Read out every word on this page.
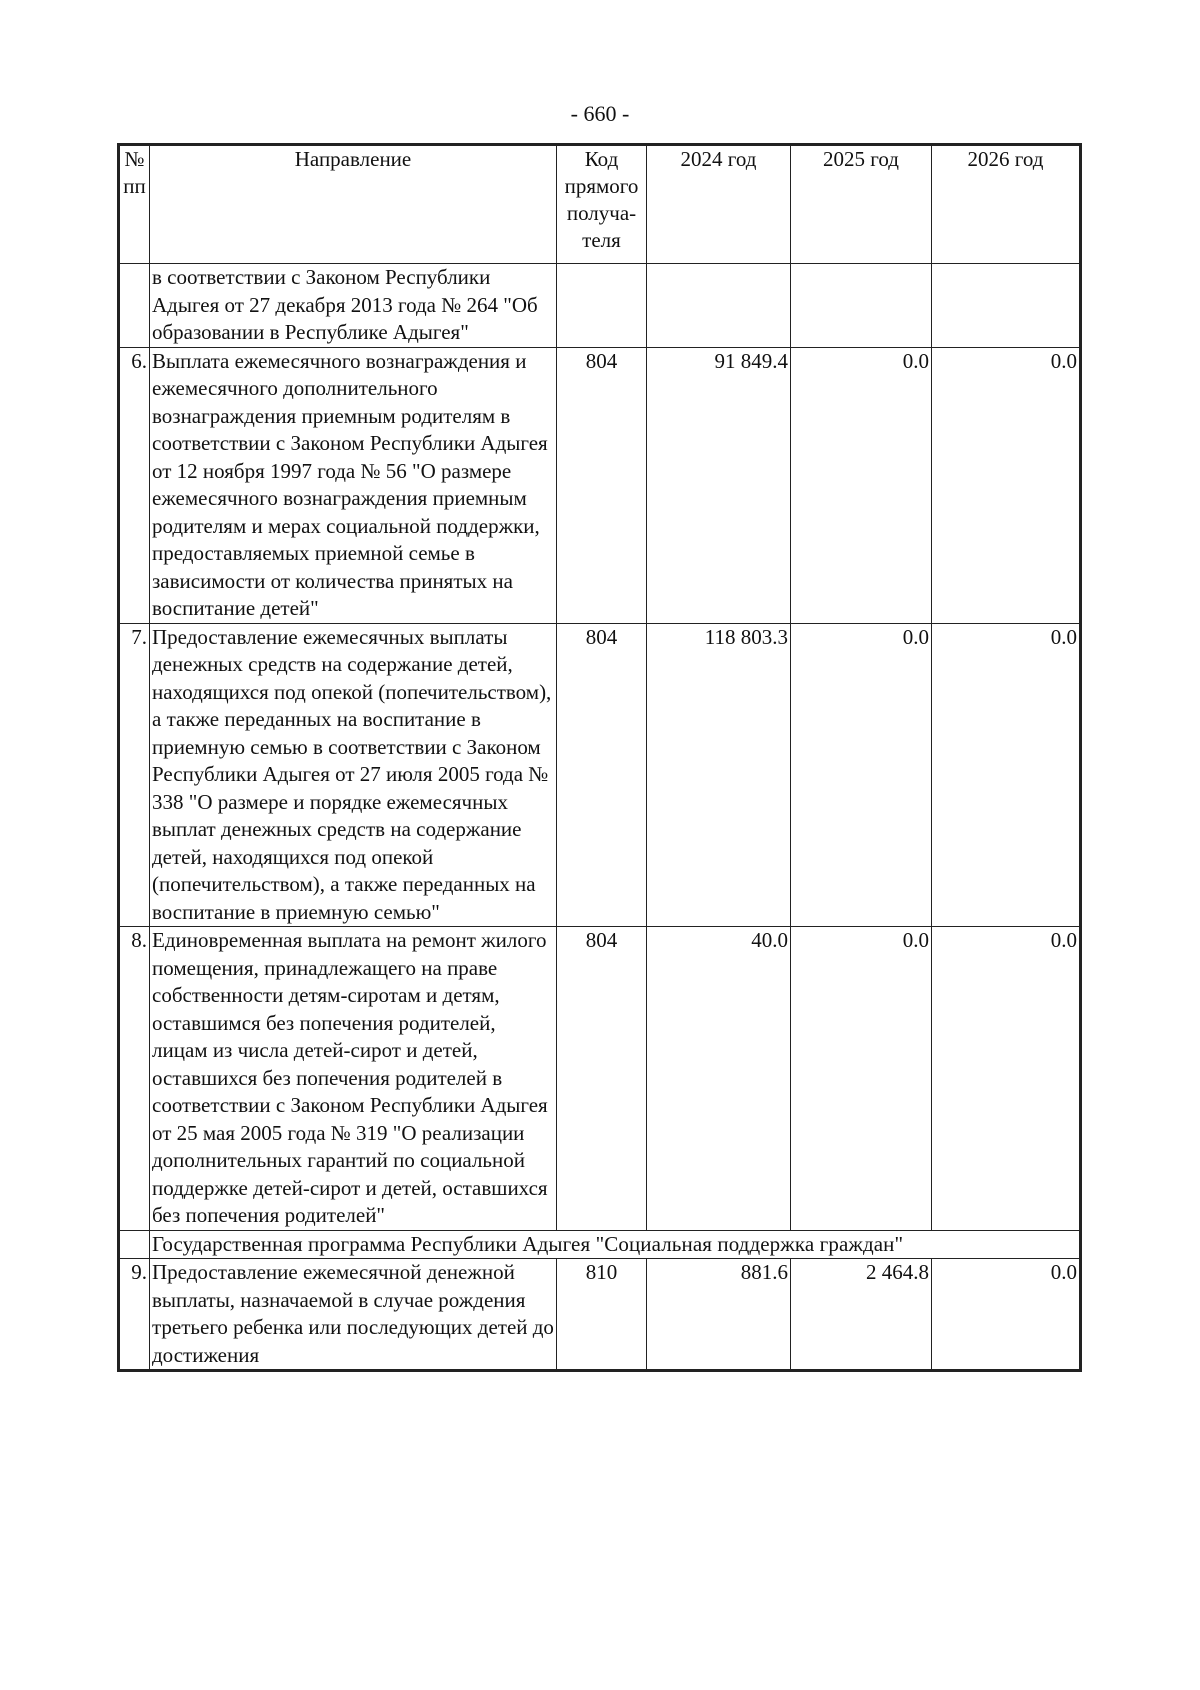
- 660 -
№ пп	Направление	Код прямого получа-теля	2024 год	2025 год	2026 год
	в соответствии с Законом Республики Адыгея от 27 декабря 2013 года № 264 "Об образовании в Республике Адыгея"				
6.	Выплата ежемесячного вознаграждения и ежемесячного дополнительного вознаграждения приемным родителям в соответствии с Законом Республики Адыгея от 12 ноября 1997 года № 56 "О размере ежемесячного вознаграждения приемным родителям и мерах социальной поддержки, предоставляемых приемной семье в зависимости от количества принятых на воспитание детей"	804	91 849.4	0.0	0.0
7.	Предоставление ежемесячных выплаты денежных средств на содержание детей, находящихся под опекой (попечительством), а также переданных на воспитание в приемную семью в соответствии с Законом Республики Адыгея от 27 июля 2005 года № 338 "О размере и порядке ежемесячных выплат денежных средств на содержание детей, находящихся под опекой (попечительством), а также переданных на воспитание в приемную семью"	804	118 803.3	0.0	0.0
8.	Единовременная выплата на ремонт жилого помещения, принадлежащего на праве собственности детям-сиротам и детям, оставшимся без попечения родителей, лицам из числа детей-сирот и детей, оставшихся без попечения родителей в соответствии с Законом Республики Адыгея от 25 мая 2005 года № 319 "О реализации дополнительных гарантий по социальной поддержке детей-сирот и детей, оставшихся без попечения родителей"	804	40.0	0.0	0.0
	Государственная программа Республики Адыгея "Социальная поддержка граждан"				
9.	Предоставление ежемесячной денежной выплаты, назначаемой в случае рождения третьего ребенка или последующих детей до достижения	810	881.6	2 464.8	0.0
